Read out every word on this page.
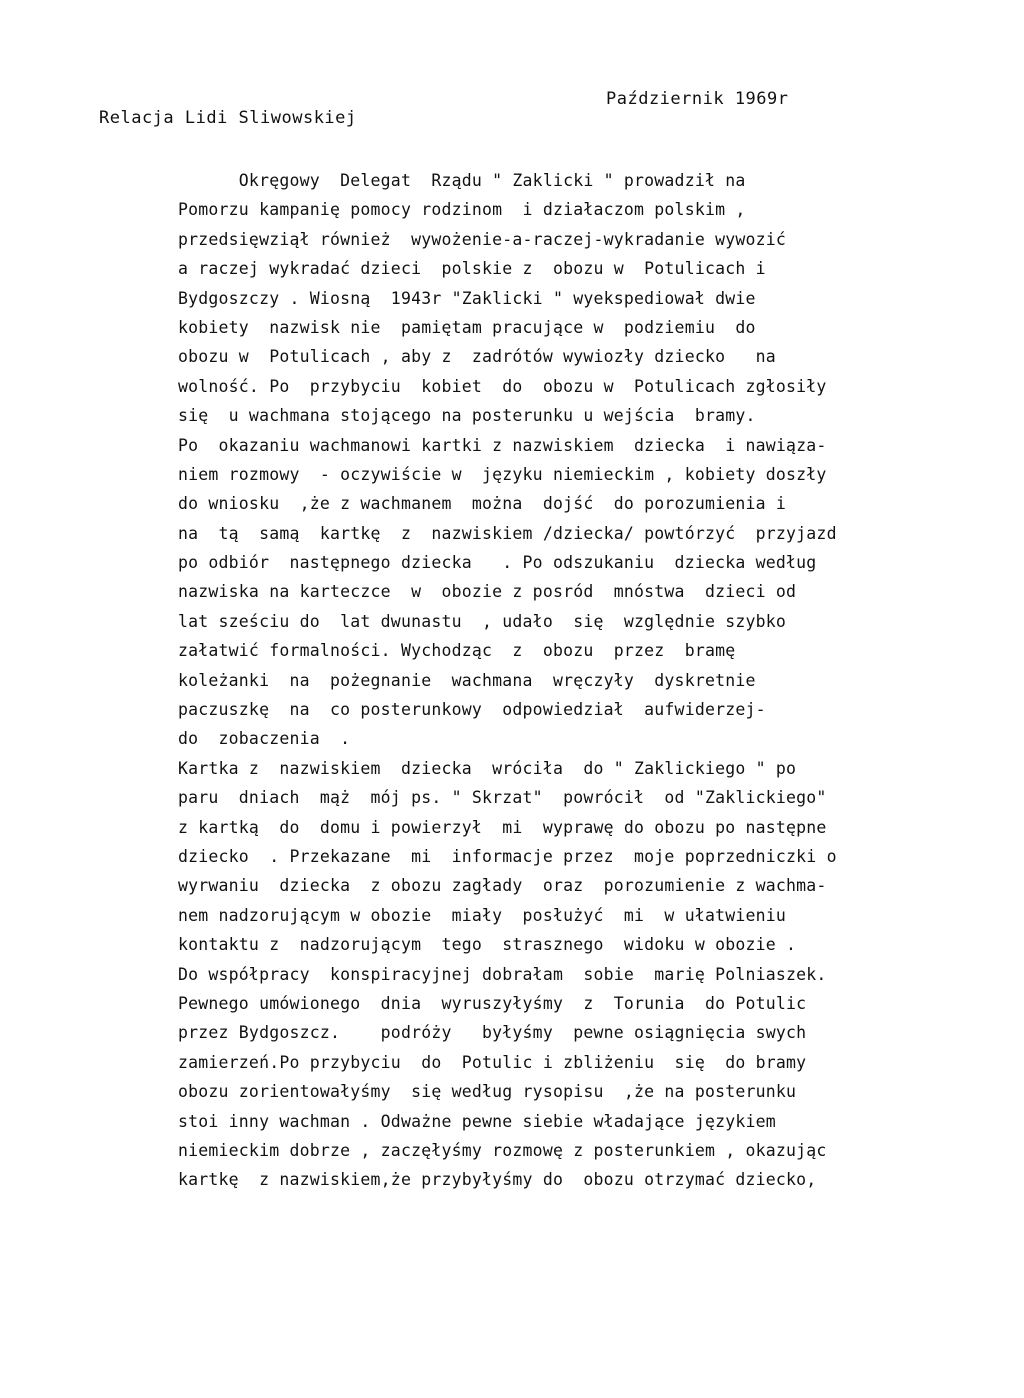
Relacja Lidi Sliwowskiej
Październik 1969r
Okręgowy  Delegat  Rządu " Zaklicki " prowadził na
Pomorzu kampanię pomocy rodzinom  i działaczom polskim ,
przedsięwziął również  wywożenie-a-raczej-wykradanie wywozić
a raczej wykradać dzieci  polskie z  obozu w  Potulicach i
Bydgoszczy . Wiosną  1943r "Zaklicki " wyekspediował dwie
kobiety  nazwisk nie  pamiętam pracujące w  podziemiu  do
obozu w  Potulicach , aby z  zadrótów wywiozły dziecko   na
wolność. Po  przybyciu  kobiet  do  obozu w  Potulicach zgłosiły
się  u wachmana stojącego na posterunku u wejścia  bramy.
Po  okazaniu wachmanowi kartki z nazwiskiem  dziecka  i nawiąza-
niem rozmowy  - oczywiście w  języku niemieckim , kobiety doszły
do wniosku  ,że z wachmanem  można  dojść  do porozumienia i
na  tą  samą  kartkę  z  nazwiskiem /dziecka/ powtórzyć  przyjazd
po odbiór  następnego dziecka   . Po odszukaniu  dziecka według
nazwiska na karteczce  w  obozie z posród  mnóstwa  dzieci od
lat sześciu do  lat dwunastu  , udało  się  względnie szybko
załatwić formalności. Wychodząc  z  obozu  przez  bramę
koleżanki  na  pożegnanie  wachmana  wręczyły  dyskretnie
paczuszkę  na  co posterunkowy  odpowiedział  aufwiderzej-
do  zobaczenia  .
Kartka z  nazwiskiem  dziecka  wróciła  do " Zaklickiego " po
paru  dniach  mąż  mój ps. " Skrzat"  powrócił  od "Zaklickiego"
z kartką  do  domu i powierzył  mi  wyprawę do obozu po następne
dziecko  . Przekazane  mi  informacje przez  moje poprzedniczki o
wyrwaniu  dziecka  z obozu zagłady  oraz  porozumienie z wachma-
nem nadzorującym w obozie  miały  posłużyć  mi  w ułatwieniu
kontaktu z  nadzorującym  tego  strasznego  widoku w obozie .
Do współpracy  konspiracyjnej dobrałam  sobie  marię Polniaszek.
Pewnego umówionego  dnia  wyruszyłyśmy  z  Torunia  do Potulic
przez Bydgoszcz.    podróży   byłyśmy  pewne osiągnięcia swych
zamierzeń.Po przybyciu  do  Potulic i zbliżeniu  się  do bramy
obozu zorientowałyśmy  się według rysopisu  ,że na posterunku
stoi inny wachman . Odważne pewne siebie władające językiem
niemieckim dobrze , zaczęłyśmy rozmowę z posterunkiem , okazując
kartkę  z nazwiskiem,że przybyłyśmy do  obozu otrzymać dziecko,
